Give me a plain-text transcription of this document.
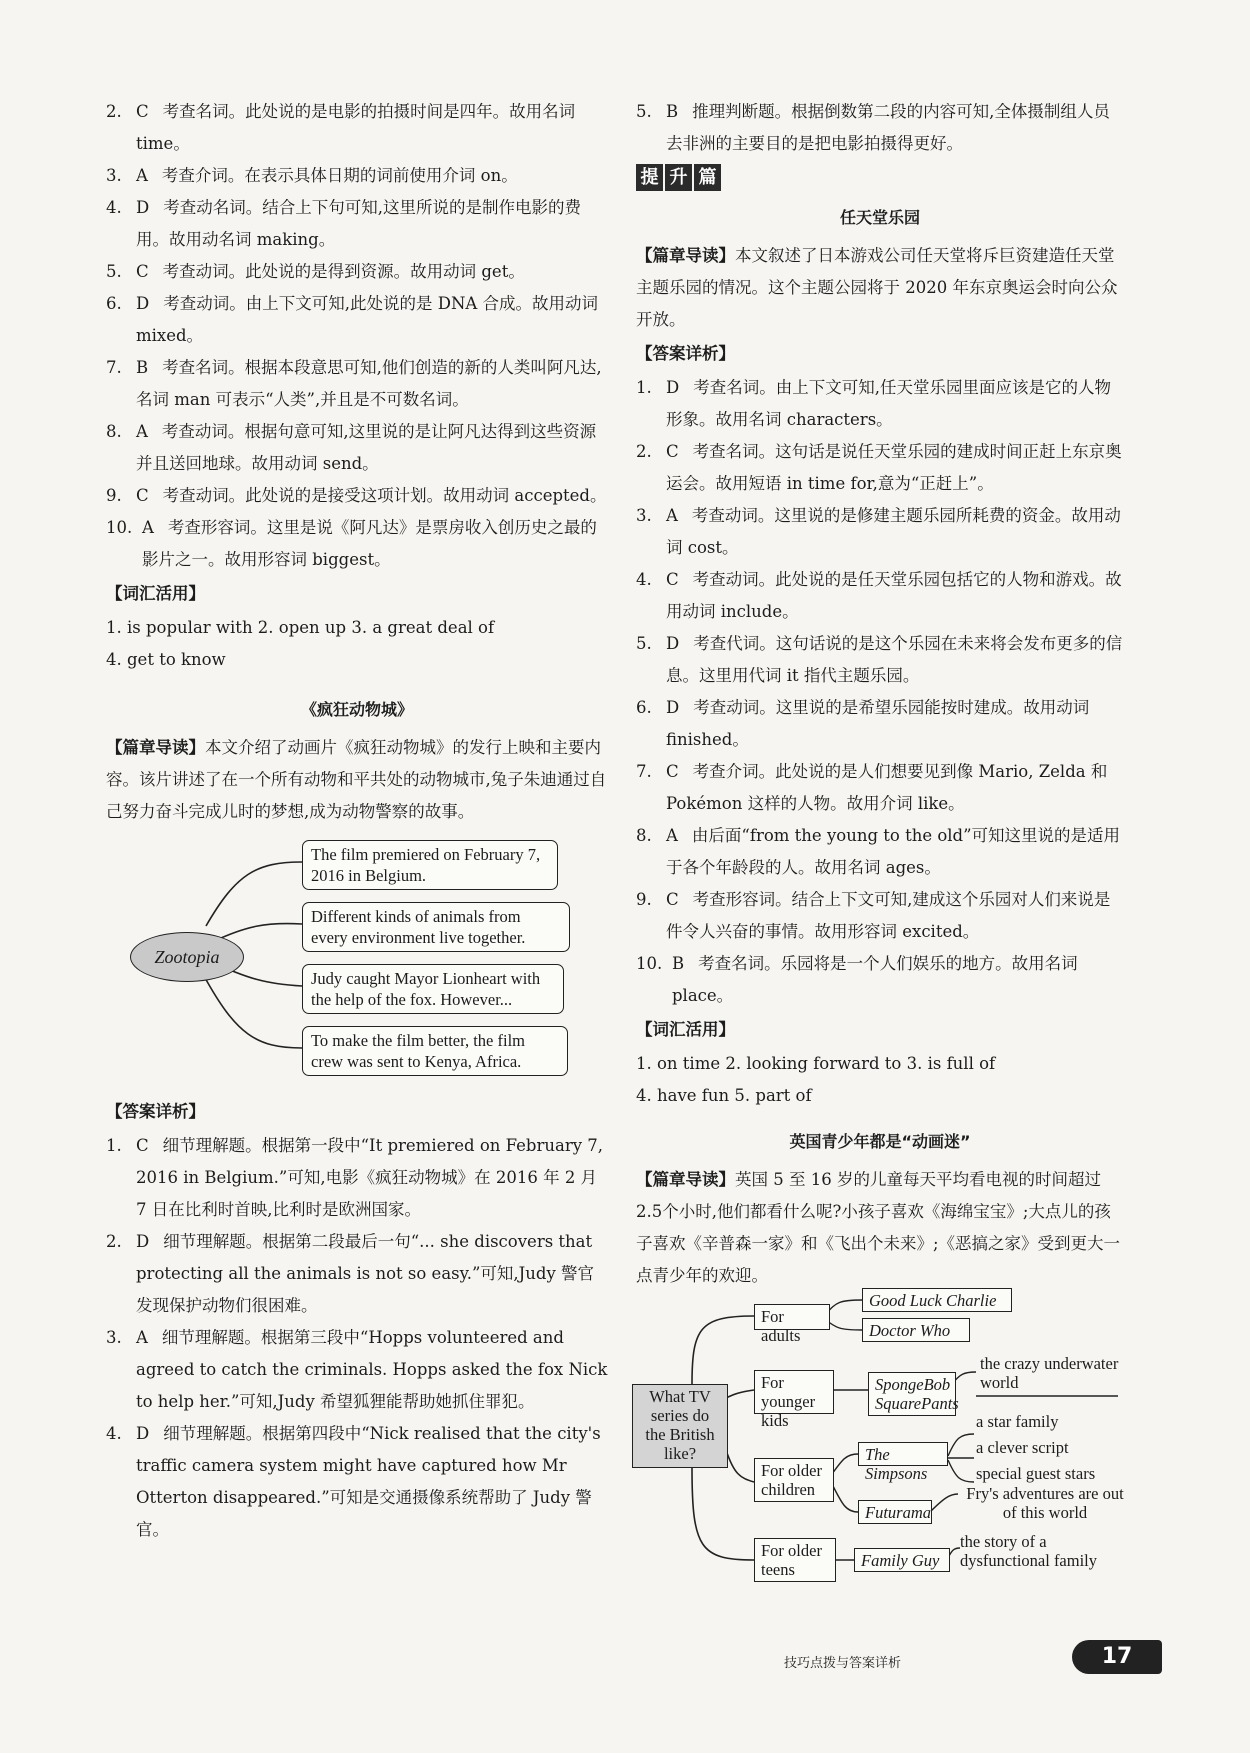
2. C 考查名词。此处说的是电影的拍摄时间是四年。故用名词 time。

3. A 考查介词。在表示具体日期的词前使用介词 on。

4. D 考查动名词。结合上下句可知,这里所说的是制作电影的费用。故用动名词 making。

5. C 考查动词。此处说的是得到资源。故用动词 get。

6. D 考查动词。由上下文可知,此处说的是 DNA 合成。故用动词 mixed。

7. B 考查名词。根据本段意思可知,他们创造的新的人类叫阿凡达,名词 man 可表示“人类”,并且是不可数名词。

8. A 考查动词。根据句意可知,这里说的是让阿凡达得到这些资源并且送回地球。故用动词 send。

9. C 考查动词。此处说的是接受这项计划。故用动词 accepted。

10. A 考查形容词。这里是说《阿凡达》是票房收入创历史之最的影片之一。故用形容词 biggest。

【词汇活用】

1. is popular with 2. open up 3. a great deal of

4. get to know

《疯狂动物城》

【篇章导读】本文介绍了动画片《疯狂动物城》的发行上映和主要内容。该片讲述了在一个所有动物和平共处的动物城市,兔子朱迪通过自己努力奋斗完成儿时的梦想,成为动物警察的故事。

Zootopia
The film premiered on February 7, 2016 in Belgium.
Different kinds of animals from every environment live together.
Judy caught Mayor Lionheart with the help of the fox. However...
To make the film better, the film crew was sent to Kenya, Africa.

【答案详析】

1. C 细节理解题。根据第一段中“It premiered on February 7, 2016 in Belgium.”可知,电影《疯狂动物城》在 2016 年 2 月 7 日在比利时首映,比利时是欧洲国家。

2. D 细节理解题。根据第二段最后一句“... she discovers that protecting all the animals is not so easy.”可知,Judy 警官发现保护动物们很困难。

3. A 细节理解题。根据第三段中“Hopps volunteered and agreed to catch the criminals. Hopps asked the fox Nick to help her.”可知,Judy 希望狐狸能帮助她抓住罪犯。

4. D 细节理解题。根据第四段中“Nick realised that the city's traffic camera system might have captured how Mr Otterton disappeared.”可知是交通摄像系统帮助了 Judy 警官。

5. B 推理判断题。根据倒数第二段的内容可知,全体摄制组人员去非洲的主要目的是把电影拍摄得更好。

提 升 篇

任天堂乐园

【篇章导读】本文叙述了日本游戏公司任天堂将斥巨资建造任天堂主题乐园的情况。这个主题公园将于 2020 年东京奥运会时向公众开放。

【答案详析】

1. D 考查名词。由上下文可知,任天堂乐园里面应该是它的人物形象。故用名词 characters。

2. C 考查名词。这句话是说任天堂乐园的建成时间正赶上东京奥运会。故用短语 in time for,意为“正赶上”。

3. A 考查动词。这里说的是修建主题乐园所耗费的资金。故用动词 cost。

4. C 考查动词。此处说的是任天堂乐园包括它的人物和游戏。故用动词 include。

5. D 考查代词。这句话说的是这个乐园在未来将会发布更多的信息。这里用代词 it 指代主题乐园。

6. D 考查动词。这里说的是希望乐园能按时建成。故用动词 finished。

7. C 考查介词。此处说的是人们想要见到像 Mario, Zelda 和 Pokémon 这样的人物。故用介词 like。

8. A 由后面“from the young to the old”可知这里说的是适用于各个年龄段的人。故用名词 ages。

9. C 考查形容词。结合上下文可知,建成这个乐园对人们来说是件令人兴奋的事情。故用形容词 excited。

10. B 考查名词。乐园将是一个人们娱乐的地方。故用名词 place。

【词汇活用】

1. on time 2. looking forward to 3. is full of

4. have fun 5. part of

英国青少年都是“动画迷”

【篇章导读】英国 5 至 16 岁的儿童每天平均看电视的时间超过2.5个小时,他们都看什么呢?小孩子喜欢《海绵宝宝》;大点儿的孩子喜欢《辛普森一家》和《飞出个未来》;《恶搞之家》受到更大一点青少年的欢迎。

What TV series do the British like?
For adults
Good Luck Charlie
Doctor Who
For younger kids
SpongeBob SquarePants
the crazy underwater world
For older children
The Simpsons
a star family
a clever script
special guest stars
Futurama
Fry's adventures are out of this world
For older teens	Family Guy
the story of a dysfunctional family
技巧点拨与答案详析	17
